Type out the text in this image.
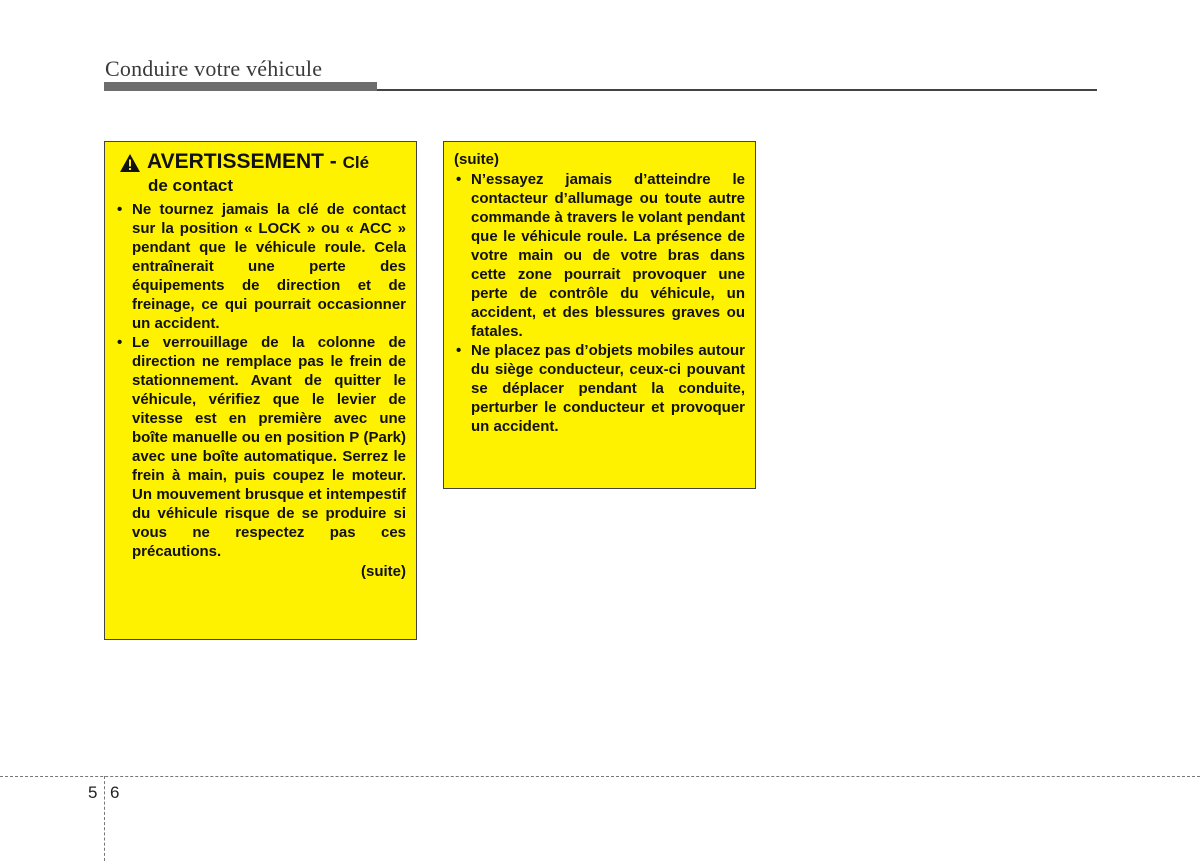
Conduire votre véhicule
AVERTISSEMENT - Clé
de contact
• Ne tournez jamais la clé de contact sur la position « LOCK » ou « ACC » pendant que le véhicule roule. Cela entraînerait une perte des équipements de direction et de freinage, ce qui pourrait occasionner un accident.
• Le verrouillage de la colonne de direction ne remplace pas le frein de stationnement. Avant de quitter le véhicule, vérifiez que le levier de vitesse est en première avec une boîte manuelle ou en position P (Park) avec une boîte automatique. Serrez le frein à main, puis coupez le moteur. Un mouvement brusque et intempestif du véhicule risque de se produire si vous ne respectez pas ces précautions.
(suite)
(suite)
• N’essayez jamais d’atteindre le contacteur d’allumage ou toute autre commande à travers le volant pendant que le véhicule roule. La présence de votre main ou de votre bras dans cette zone pourrait provoquer une perte de contrôle du véhicule, un accident, et des blessures graves ou fatales.
• Ne placez pas d’objets mobiles autour du siège conducteur, ceux-ci pouvant se déplacer pendant la conduite, perturber le conducteur et provoquer un accident.
5 6
